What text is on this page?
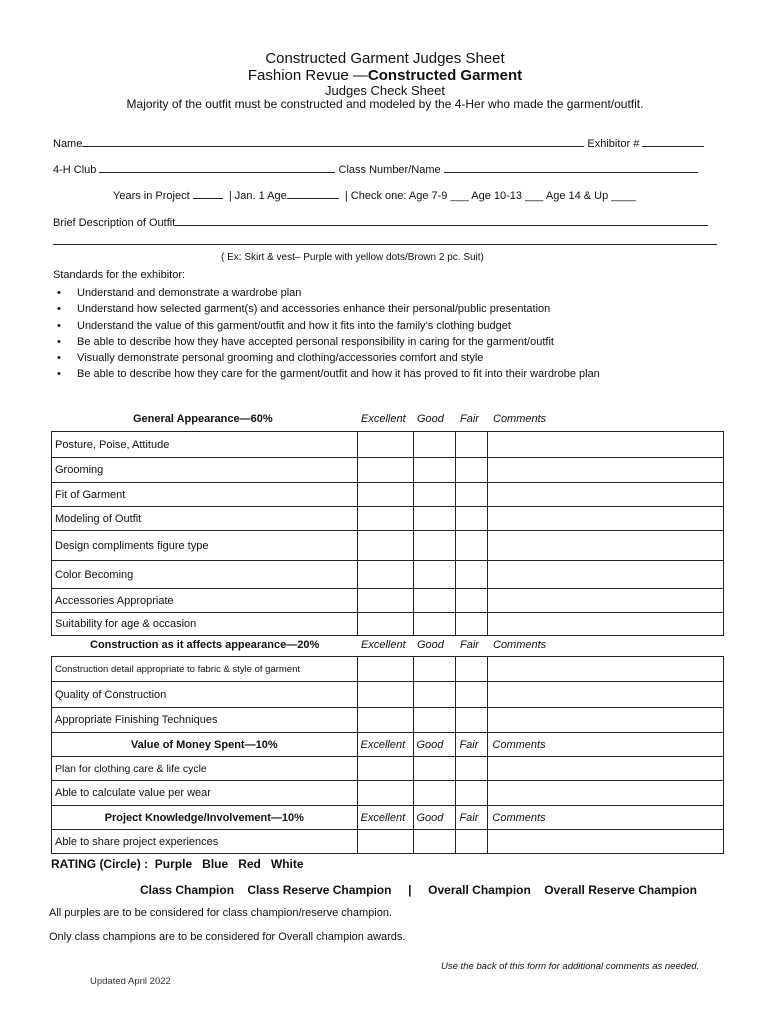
Constructed Garment Judges Sheet
Fashion Revue —Constructed Garment
Judges Check Sheet
Majority of the outfit must be constructed and modeled by the 4-Her who made the garment/outfit.
Name	Exhibitor #
4-H Club	Class Number/Name
Years in Project	| Jan. 1 Age	| Check one: Age 7-9 ___ Age 10-13 ___ Age 14 & Up ____
Brief Description of Outfit
( Ex: Skirt & vest– Purple with yellow dots/Brown 2 pc. Suit)
Standards for the exhibitor:
• Understand and demonstrate a wardrobe plan
• Understand how selected garment(s) and accessories enhance their personal/public presentation
• Understand the value of this garment/outfit and how it fits into the family’s clothing budget
• Be able to describe how they have accepted personal responsibility in caring for the garment/outfit
• Visually demonstrate personal grooming and clothing/accessories comfort and style
• Be able to describe how they care for the garment/outfit and how it has proved to fit into their wardrobe plan
General Appearance—60%	Excellent Good Fair Comments
Posture, Poise, Attitude				
Grooming				
Fit of Garment				
Modeling of Outfit				
Design compliments figure type				
Color Becoming				
Accessories Appropriate				
Suitability for age & occasion				
Construction as it affects appearance—20%	Excellent Good Fair Comments
Construction detail appropriate to fabric & style of garment				
Quality of Construction				
Appropriate Finishing Techniques				
Value of Money Spent—10%	Excellent	Good	Fair	Comments
Plan for clothing care & life cycle				
Able to calculate value per wear				
Project Knowledge/Involvement—10%	Excellent	Good	Fair	Comments
Able to share project experiences				
RATING (Circle) : Purple Blue Red White
Class Champion Class Reserve Champion | Overall Champion Overall Reserve Champion
All purples are to be considered for class champion/reserve champion.
Only class champions are to be considered for Overall champion awards.
Use the back of this form for additional comments as needed.
Updated April 2022
